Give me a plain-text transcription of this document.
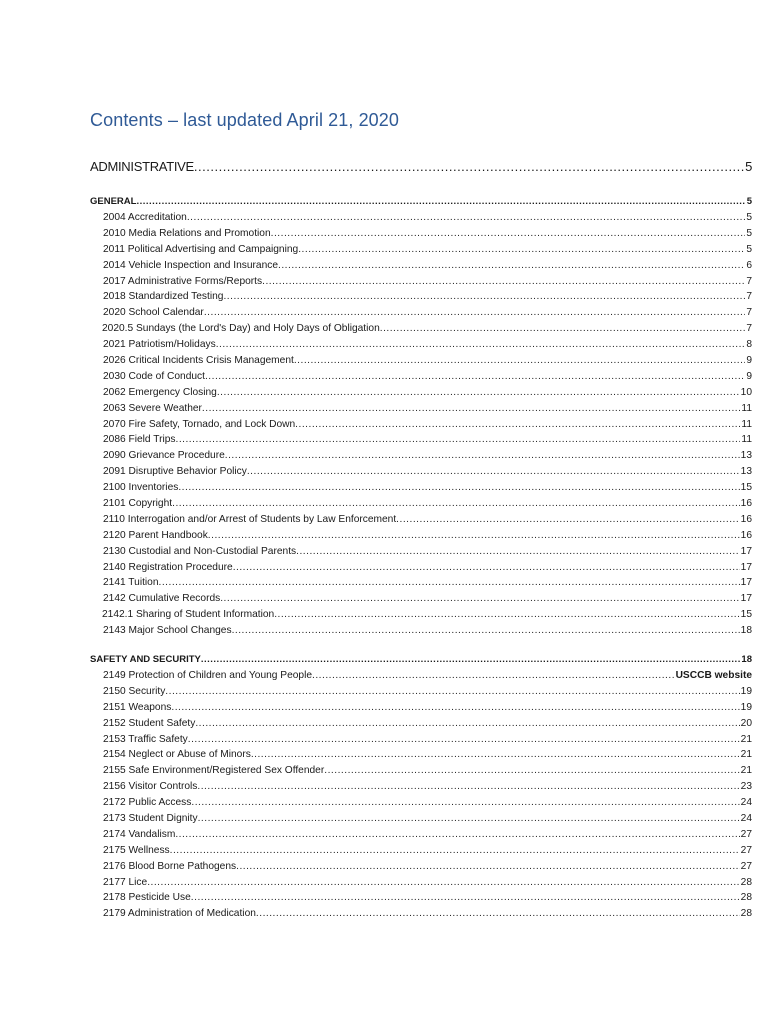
Contents – last updated April 21, 2020
ADMINISTRATIVE .....	5
GENERAL .....	5
2004 Accreditation .....	5
2010 Media Relations and Promotion .....	5
2011 Political Advertising and Campaigning .....	5
2014 Vehicle Inspection and Insurance .....	6
2017 Administrative Forms/Reports .....	7
2018 Standardized Testing .....	7
2020 School Calendar .....	7
2020.5 Sundays (the Lord's Day) and Holy Days of Obligation .....	7
2021 Patriotism/Holidays .....	8
2026 Critical Incidents Crisis Management .....	9
2030 Code of Conduct .....	9
2062 Emergency Closing .....	10
2063 Severe Weather .....	11
2070 Fire Safety, Tornado, and Lock Down .....	11
2086 Field Trips .....	11
2090 Grievance Procedure .....	13
2091 Disruptive Behavior Policy .....	13
2100 Inventories .....	15
2101 Copyright .....	16
2110 Interrogation and/or Arrest of Students by Law Enforcement .....	16
2120 Parent Handbook .....	16
2130 Custodial and Non-Custodial Parents .....	17
2140 Registration Procedure .....	17
2141 Tuition .....	17
2142 Cumulative Records .....	17
2142.1 Sharing of Student Information .....	15
2143 Major School Changes .....	18
SAFETY AND SECURITY .....	18
2149 Protection of Children and Young People .....	USCCB website
2150 Security .....	19
2151 Weapons .....	19
2152 Student Safety .....	20
2153 Traffic Safety .....	21
2154 Neglect or Abuse of Minors .....	21
2155 Safe Environment/Registered Sex Offender .....	21
2156 Visitor Controls .....	23
2172 Public Access .....	24
2173 Student Dignity .....	24
2174 Vandalism .....	27
2175 Wellness .....	27
2176 Blood Borne Pathogens .....	27
2177 Lice .....	28
2178 Pesticide Use .....	28
2179 Administration of Medication .....	28
